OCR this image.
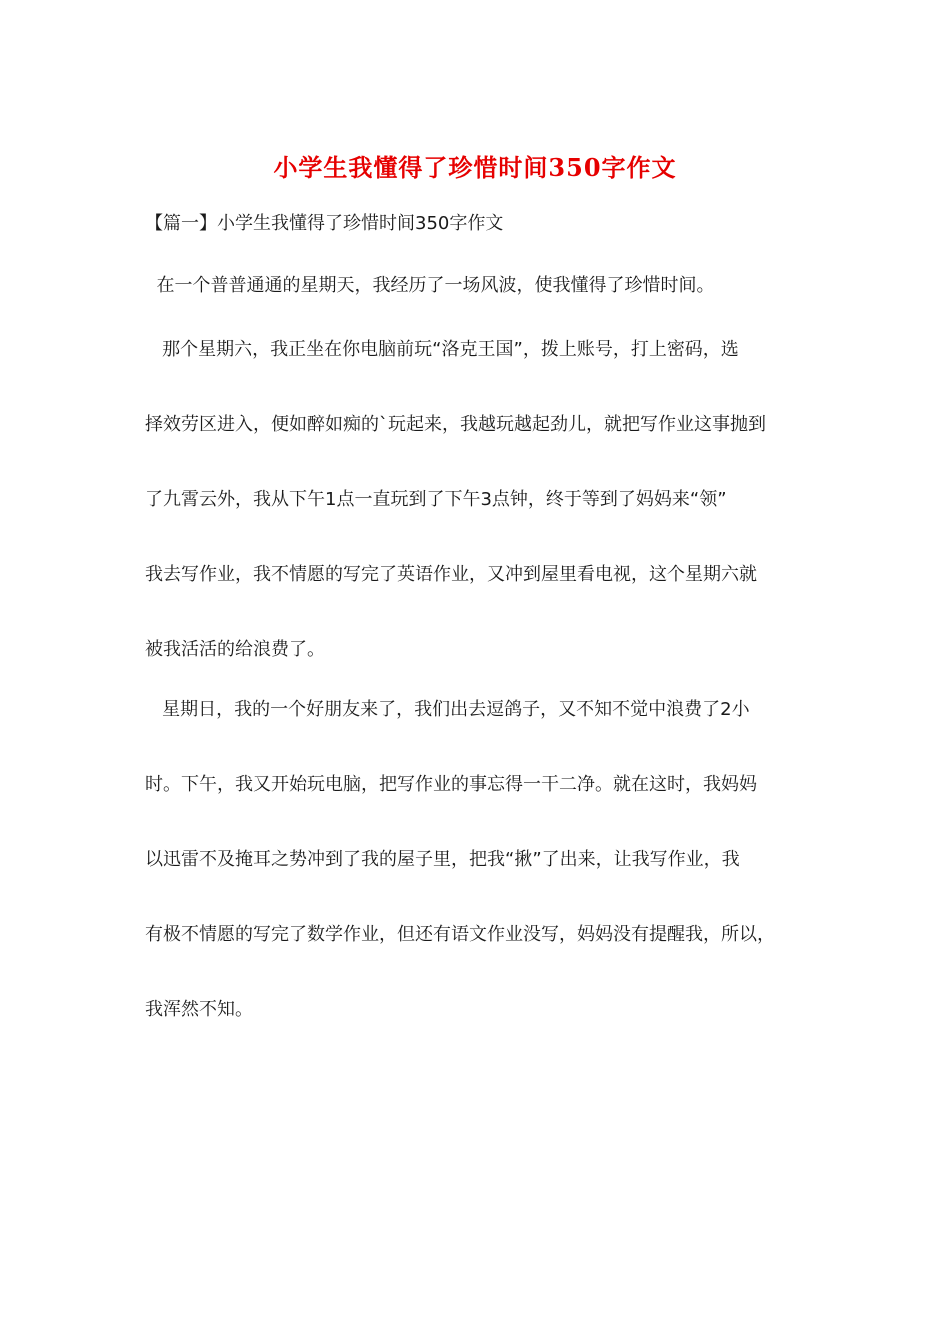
小学生我懂得了珍惜时间350字作文
【篇一】小学生我懂得了珍惜时间350字作文
在一个普普通通的星期天，我经历了一场风波，使我懂得了珍惜时间。
那个星期六，我正坐在你电脑前玩“洛克王国”，拨上账号，打上密码，选
择效劳区进入，便如醉如痴的`玩起来，我越玩越起劲儿，就把写作业这事抛到
了九霄云外，我从下午1点一直玩到了下午3点钟，终于等到了妈妈来“领”
我去写作业，我不情愿的写完了英语作业，又冲到屋里看电视，这个星期六就
被我活活的给浪费了。
星期日，我的一个好朋友来了，我们出去逗鸽子，又不知不觉中浪费了2小
时。下午，我又开始玩电脑，把写作业的事忘得一干二净。就在这时，我妈妈
以迅雷不及掩耳之势冲到了我的屋子里，把我“揪”了出来，让我写作业，我
有极不情愿的写完了数学作业，但还有语文作业没写，妈妈没有提醒我，所以，
我浑然不知。
